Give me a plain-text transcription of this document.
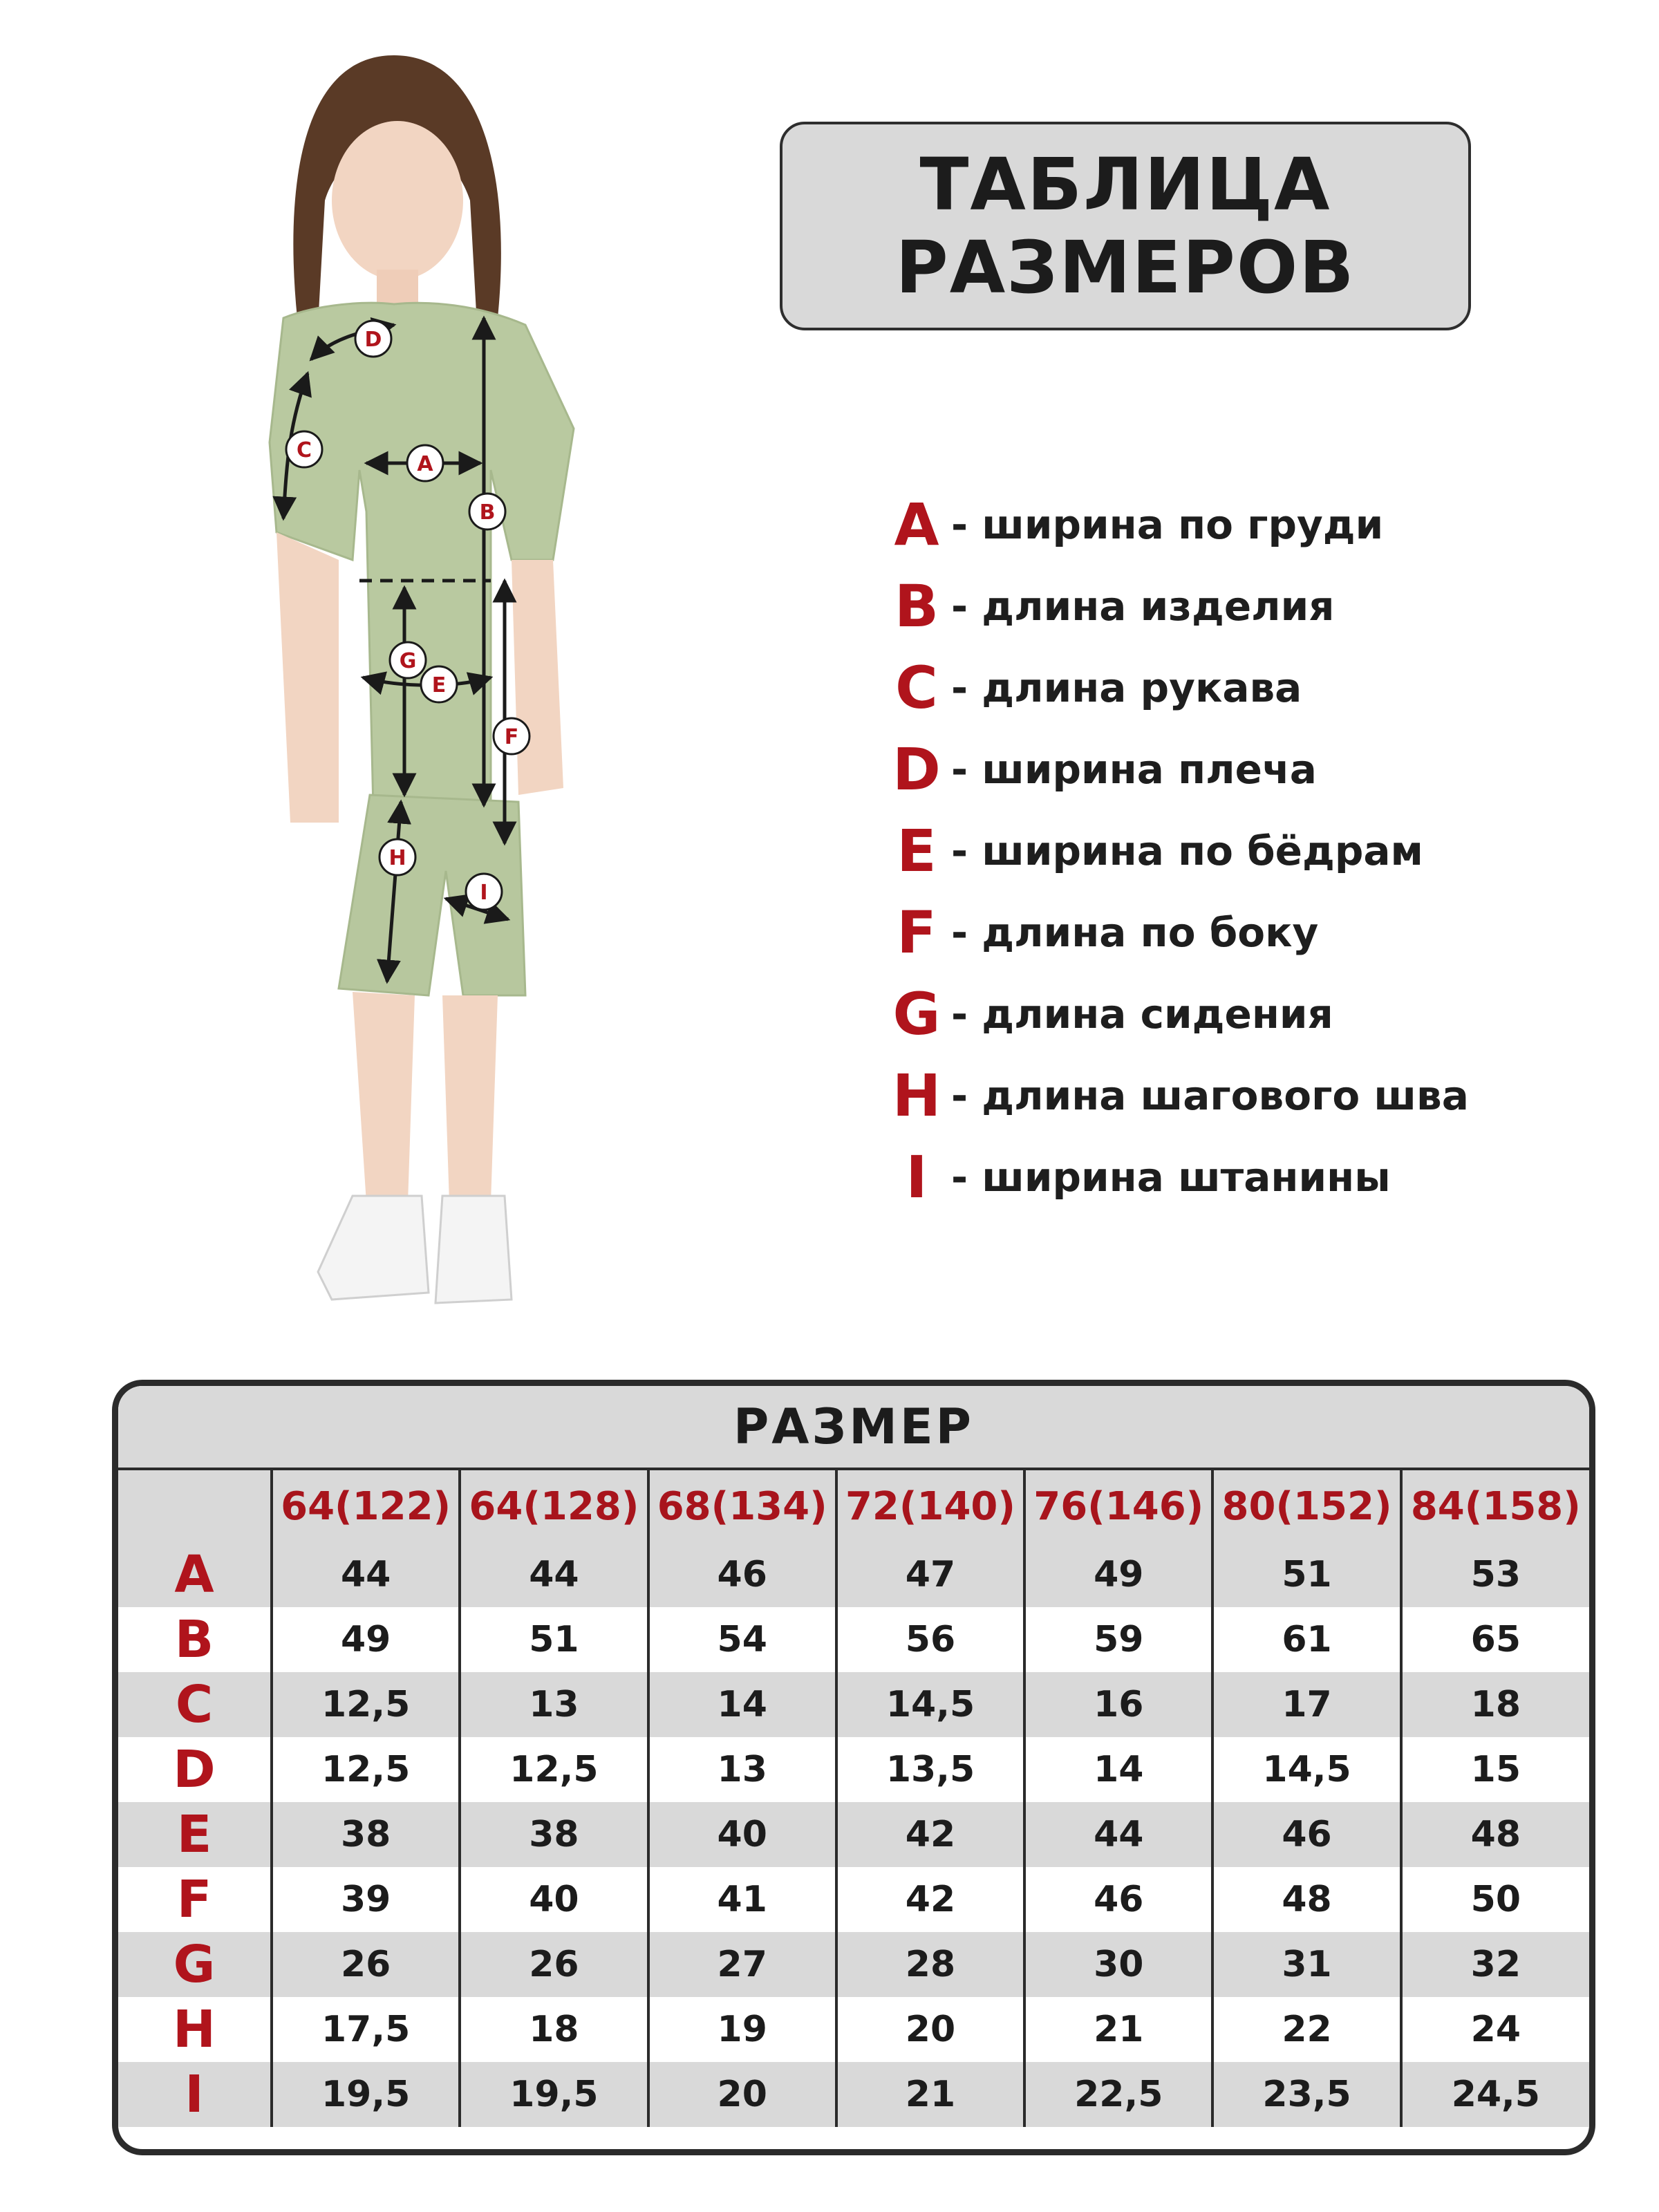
ТАБЛИЦА
РАЗМЕРОВ
A
B
C
D
E
F
G
H
I
A - ширина по груди
B - длина изделия
C - длина рукава
D - ширина плеча
E - ширина по бёдрам
F - длина по боку
G - длина сидения
H - длина шагового шва
I - ширина штанины
РАЗМЕР
	64(122)	64(128)	68(134)	72(140)	76(146)	80(152)	84(158)
A	44	44	46	47	49	51	53
B	49	51	54	56	59	61	65
C	12,5	13	14	14,5	16	17	18
D	12,5	12,5	13	13,5	14	14,5	15
E	38	38	40	42	44	46	48
F	39	40	41	42	46	48	50
G	26	26	27	28	30	31	32
H	17,5	18	19	20	21	22	24
I	19,5	19,5	20	21	22,5	23,5	24,5
